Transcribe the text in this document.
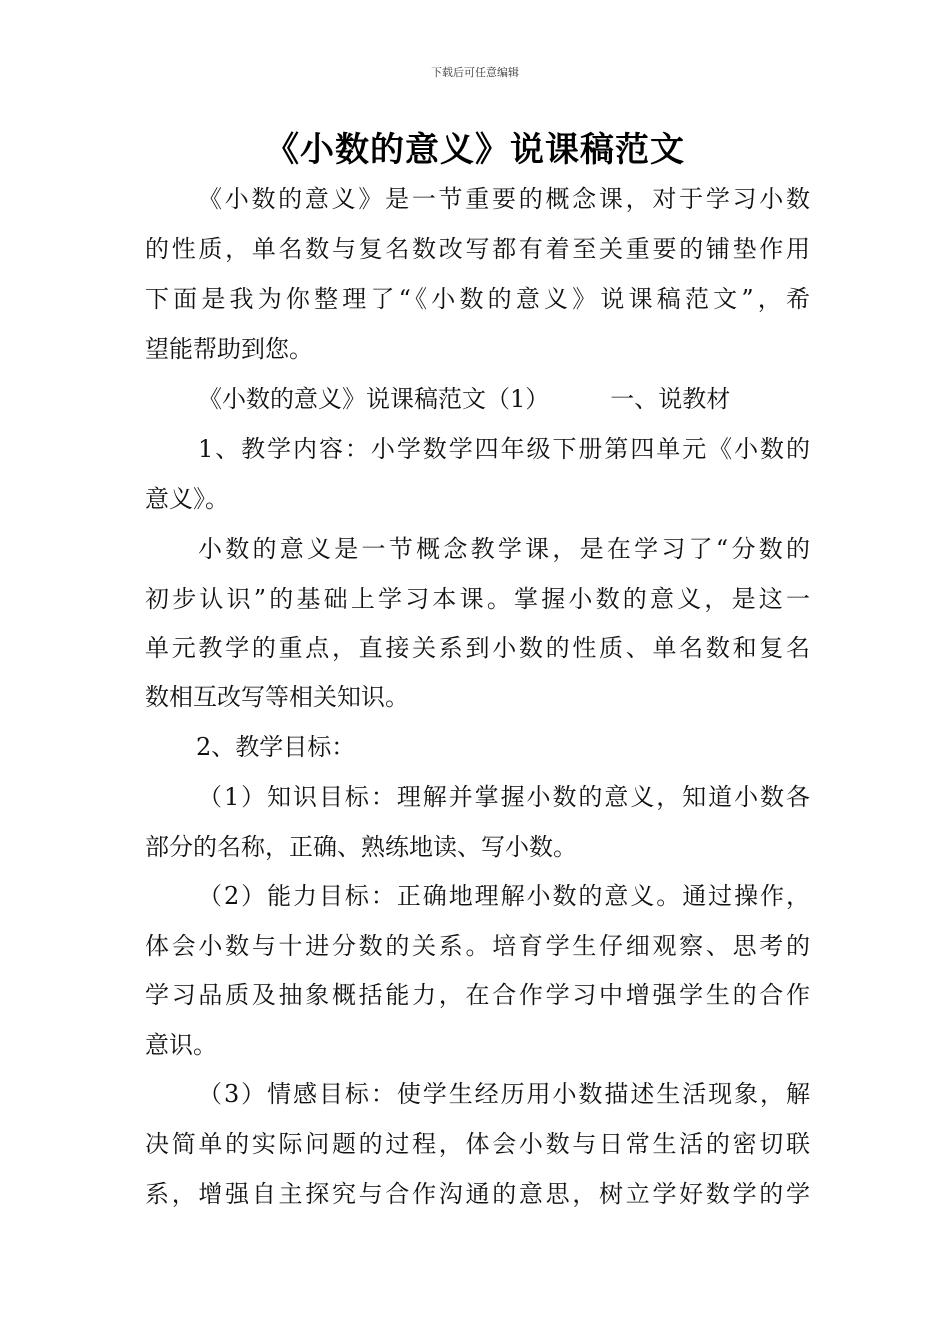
下载后可任意编辑
《小数的意义》说课稿范文
《小数的意义》是一节重要的概念课，对于学习小数
的性质，单名数与复名数改写都有着至关重要的铺垫作用
下面是我为你整理了“《小数的意义》说课稿范文”，希
望能帮助到您。
《小数的意义》说课稿范文（1）        一、说教材
1、教学内容：小学数学四年级下册第四单元《小数的
意义》。
小数的意义是一节概念教学课，是在学习了“分数的
初步认识”的基础上学习本课。掌握小数的意义，是这一
单元教学的重点，直接关系到小数的性质、单名数和复名
数相互改写等相关知识。
2、教学目标：
（1）知识目标：理解并掌握小数的意义，知道小数各
部分的名称，正确、熟练地读、写小数。
（2）能力目标：正确地理解小数的意义。通过操作，
体会小数与十进分数的关系。培育学生仔细观察、思考的
学习品质及抽象概括能力，在合作学习中增强学生的合作
意识。
（3）情感目标：使学生经历用小数描述生活现象，解
决简单的实际问题的过程，体会小数与日常生活的密切联
系，增强自主探究与合作沟通的意思，树立学好数学的学
